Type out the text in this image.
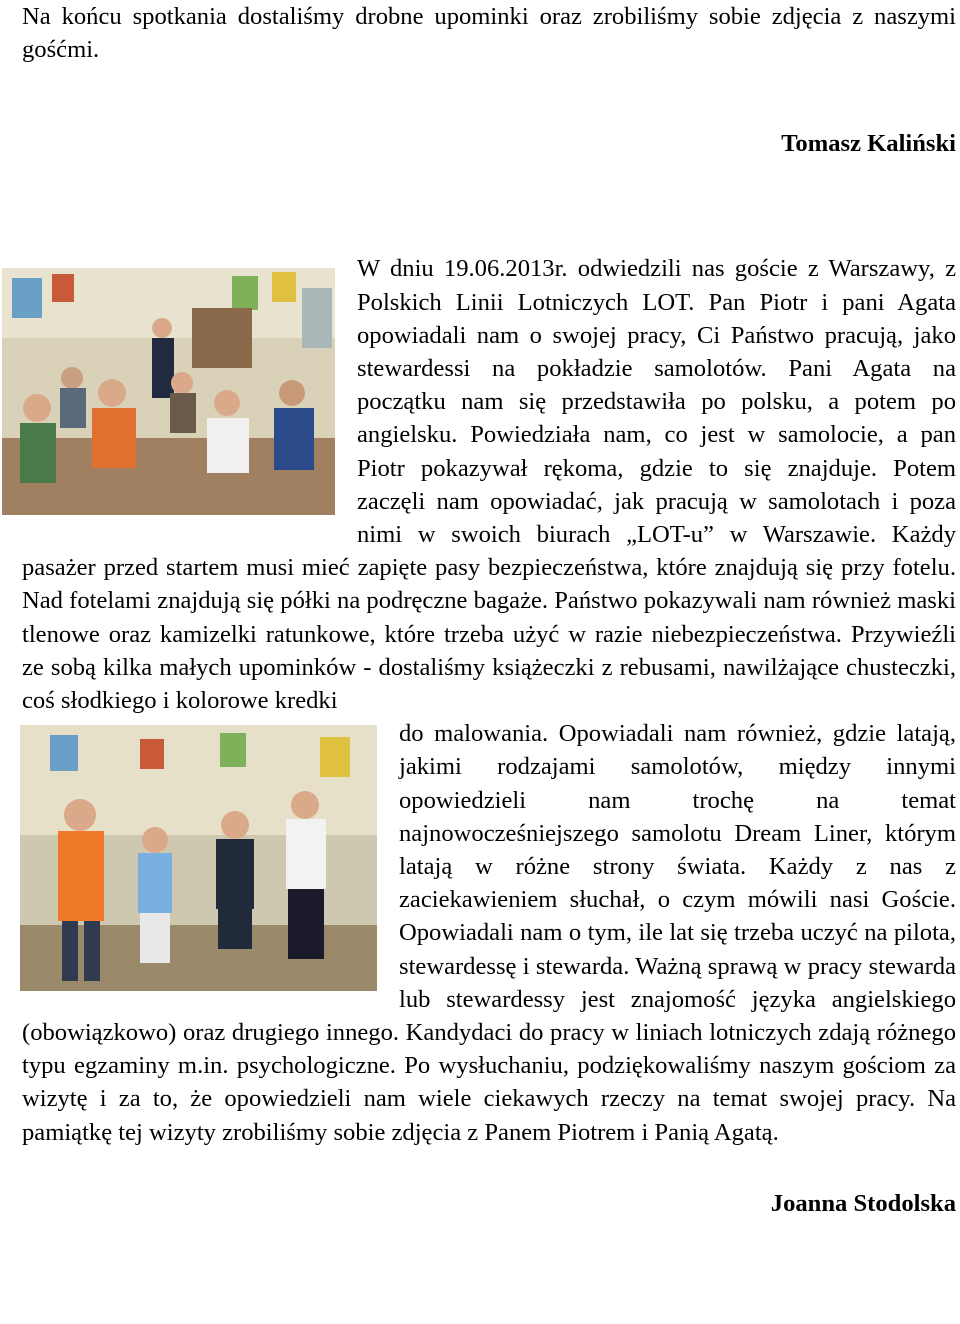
Na końcu spotkania dostaliśmy drobne upominki oraz zrobiliśmy sobie zdjęcia z naszymi gośćmi.

Tomasz Kaliński

W dniu 19.06.2013r. odwiedzili nas goście z Warszawy, z Polskich Linii Lotniczych LOT. Pan Piotr i pani Agata opowiadali nam o swojej pracy, Ci Państwo pracują, jako stewardessi na pokładzie samolotów. Pani Agata na początku nam się przedstawiła po polsku, a potem po angielsku. Powiedziała nam, co jest w samolocie, a pan Piotr pokazywał rękoma, gdzie to się znajduje. Potem zaczęli nam opowiadać, jak pracują w samolotach i poza nimi w swoich biurach „LOT-u” w Warszawie. Każdy pasażer przed startem musi mieć zapięte pasy bezpieczeństwa, które znajdują się przy fotelu. Nad fotelami znajdują się półki na podręczne bagaże. Państwo pokazywali nam również maski tlenowe oraz kamizelki ratunkowe, które trzeba użyć w razie niebezpieczeństwa. Przywieźli ze sobą kilka małych upominków - dostaliśmy książeczki z rebusami, nawilżające chusteczki, coś słodkiego i kolorowe kredki

do malowania. Opowiadali nam również, gdzie latają, jakimi rodzajami samolotów, między innymi opowiedzieli nam trochę na temat najnowocześniejszego samolotu Dream Liner, którym latają w różne strony świata. Każdy z nas z zaciekawieniem słuchał, o czym mówili nasi Goście. Opowiadali nam o tym, ile lat się trzeba uczyć na pilota, stewardessę i stewarda. Ważną sprawą w pracy stewarda lub stewardessy jest znajomość języka angielskiego (obowiązkowo) oraz drugiego innego. Kandydaci do pracy w liniach lotniczych zdają różnego typu egzaminy m.in. psychologiczne. Po wysłuchaniu, podziękowaliśmy naszym gościom za wizytę i za to, że opowiedzieli nam wiele ciekawych rzeczy na temat swojej pracy. Na pamiątkę tej wizyty zrobiliśmy sobie zdjęcia z Panem Piotrem i Panią Agatą.

Joanna Stodolska
